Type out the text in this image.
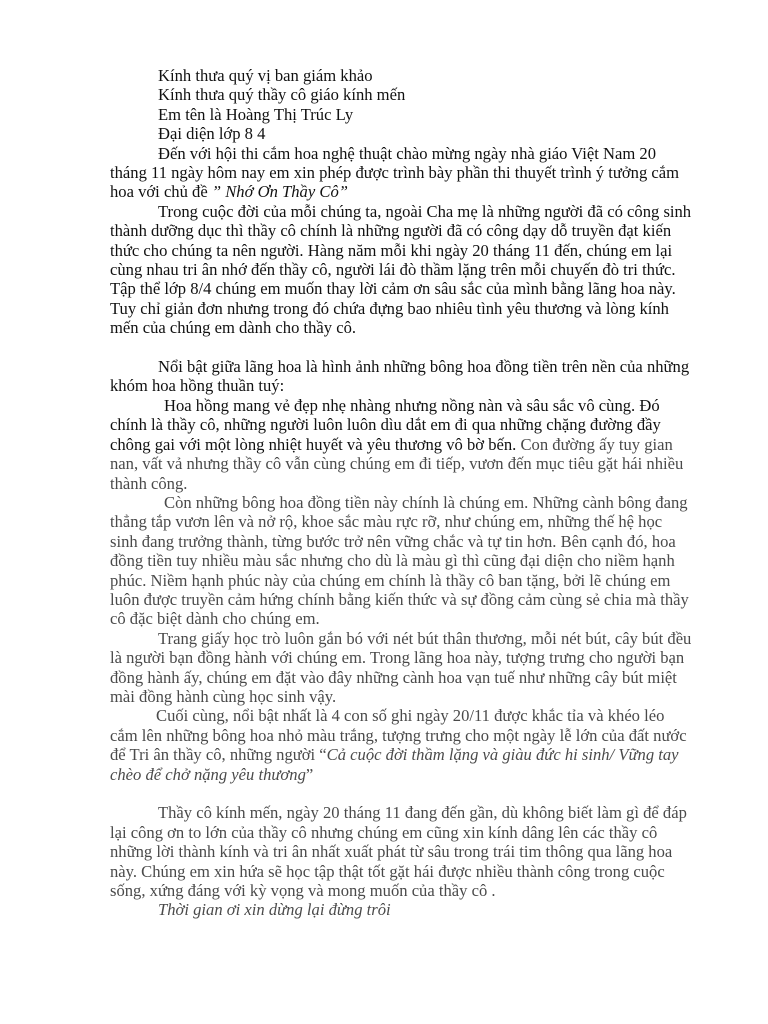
Kính thưa quý vị ban giám khảo

Kính thưa quý thầy cô giáo kính mến

Em tên là Hoàng Thị Trúc Ly

Đại diện lớp 8 4

Đến với hội thi cắm hoa nghệ thuật chào mừng ngày nhà giáo Việt Nam 20 tháng 11 ngày hôm nay em xin phép được trình bày phần thi thuyết trình ý tưởng cắm hoa với chủ đề ” Nhớ Ơn Thầy Cô”

Trong cuộc đời của mỗi chúng ta, ngoài Cha mẹ là những người đã có công sinh thành dưỡng dục thì thầy cô chính là những người đã có công dạy dỗ truyền đạt kiến thức cho chúng ta nên người. Hàng năm mỗi khi ngày 20 tháng 11 đến, chúng em lại cùng nhau tri ân nhớ đến thầy cô, người lái đò thầm lặng trên mỗi chuyến đò tri thức. Tập thể lớp 8/4 chúng em muốn thay lời cảm ơn sâu sắc của mình bằng lãng hoa này. Tuy chỉ giản đơn nhưng trong đó chứa đựng bao nhiêu tình yêu thương và lòng kính mến của chúng em dành cho thầy cô.

Nổi bật giữa lãng hoa là hình ảnh những bông hoa đồng tiền trên nền của những khóm hoa hồng thuần tuý:

Hoa hồng mang vẻ đẹp nhẹ nhàng nhưng nồng nàn và sâu sắc vô cùng. Đó chính là thầy cô, những người luôn luôn dìu dắt em đi qua những chặng đường đầy chông gai với một lòng nhiệt huyết và yêu thương vô bờ bến. Con đường ấy tuy gian nan, vất vả nhưng thầy cô vẫn cùng chúng em đi tiếp, vươn đến mục tiêu gặt hái nhiều thành công.

Còn những bông hoa đồng tiền này chính là chúng em. Những cành bông đang thẳng tắp vươn lên và nở rộ, khoe sắc màu rực rỡ, như chúng em, những thế hệ học sinh đang trưởng thành, từng bước trở nên vững chắc và tự tin hơn. Bên cạnh đó, hoa đồng tiền tuy nhiều màu sắc nhưng cho dù là màu gì thì cũng đại diện cho niềm hạnh phúc. Niềm hạnh phúc này của chúng em chính là thầy cô ban tặng, bởi lẽ chúng em luôn được truyền cảm hứng chính bằng kiến thức và sự đồng cảm cùng sẻ chia mà thầy cô đặc biệt dành cho chúng em.

Trang giấy học trò luôn gắn bó với nét bút thân thương, mỗi nét bút, cây bút đều là người bạn đồng hành với chúng em. Trong lãng hoa này, tượng trưng cho người bạn đồng hành ấy, chúng em đặt vào đây những cành hoa vạn tuế như những cây bút miệt mài đồng hành cùng học sinh vậy.

Cuối cùng, nổi bật nhất là 4 con số ghi ngày 20/11 được khắc tỉa và khéo léo cắm lên những bông hoa nhỏ màu trắng, tượng trưng cho một ngày lễ lớn của đất nước để Tri ân thầy cô, những người “Cả cuộc đời thầm lặng và giàu đức hi sinh/ Vững tay chèo để chở nặng yêu thương”

Thầy cô kính mến, ngày 20 tháng 11 đang đến gần, dù không biết làm gì để đáp lại công ơn to lớn của thầy cô nhưng chúng em cũng xin kính dâng lên các thầy cô những lời thành kính và tri ân nhất xuất phát từ sâu trong trái tim thông qua lãng hoa này. Chúng em xin hứa sẽ học tập thật tốt gặt hái được nhiều thành công trong cuộc sống, xứng đáng với kỳ vọng và mong muốn của thầy cô .

Thời gian ơi xin dừng lại đừng trôi
